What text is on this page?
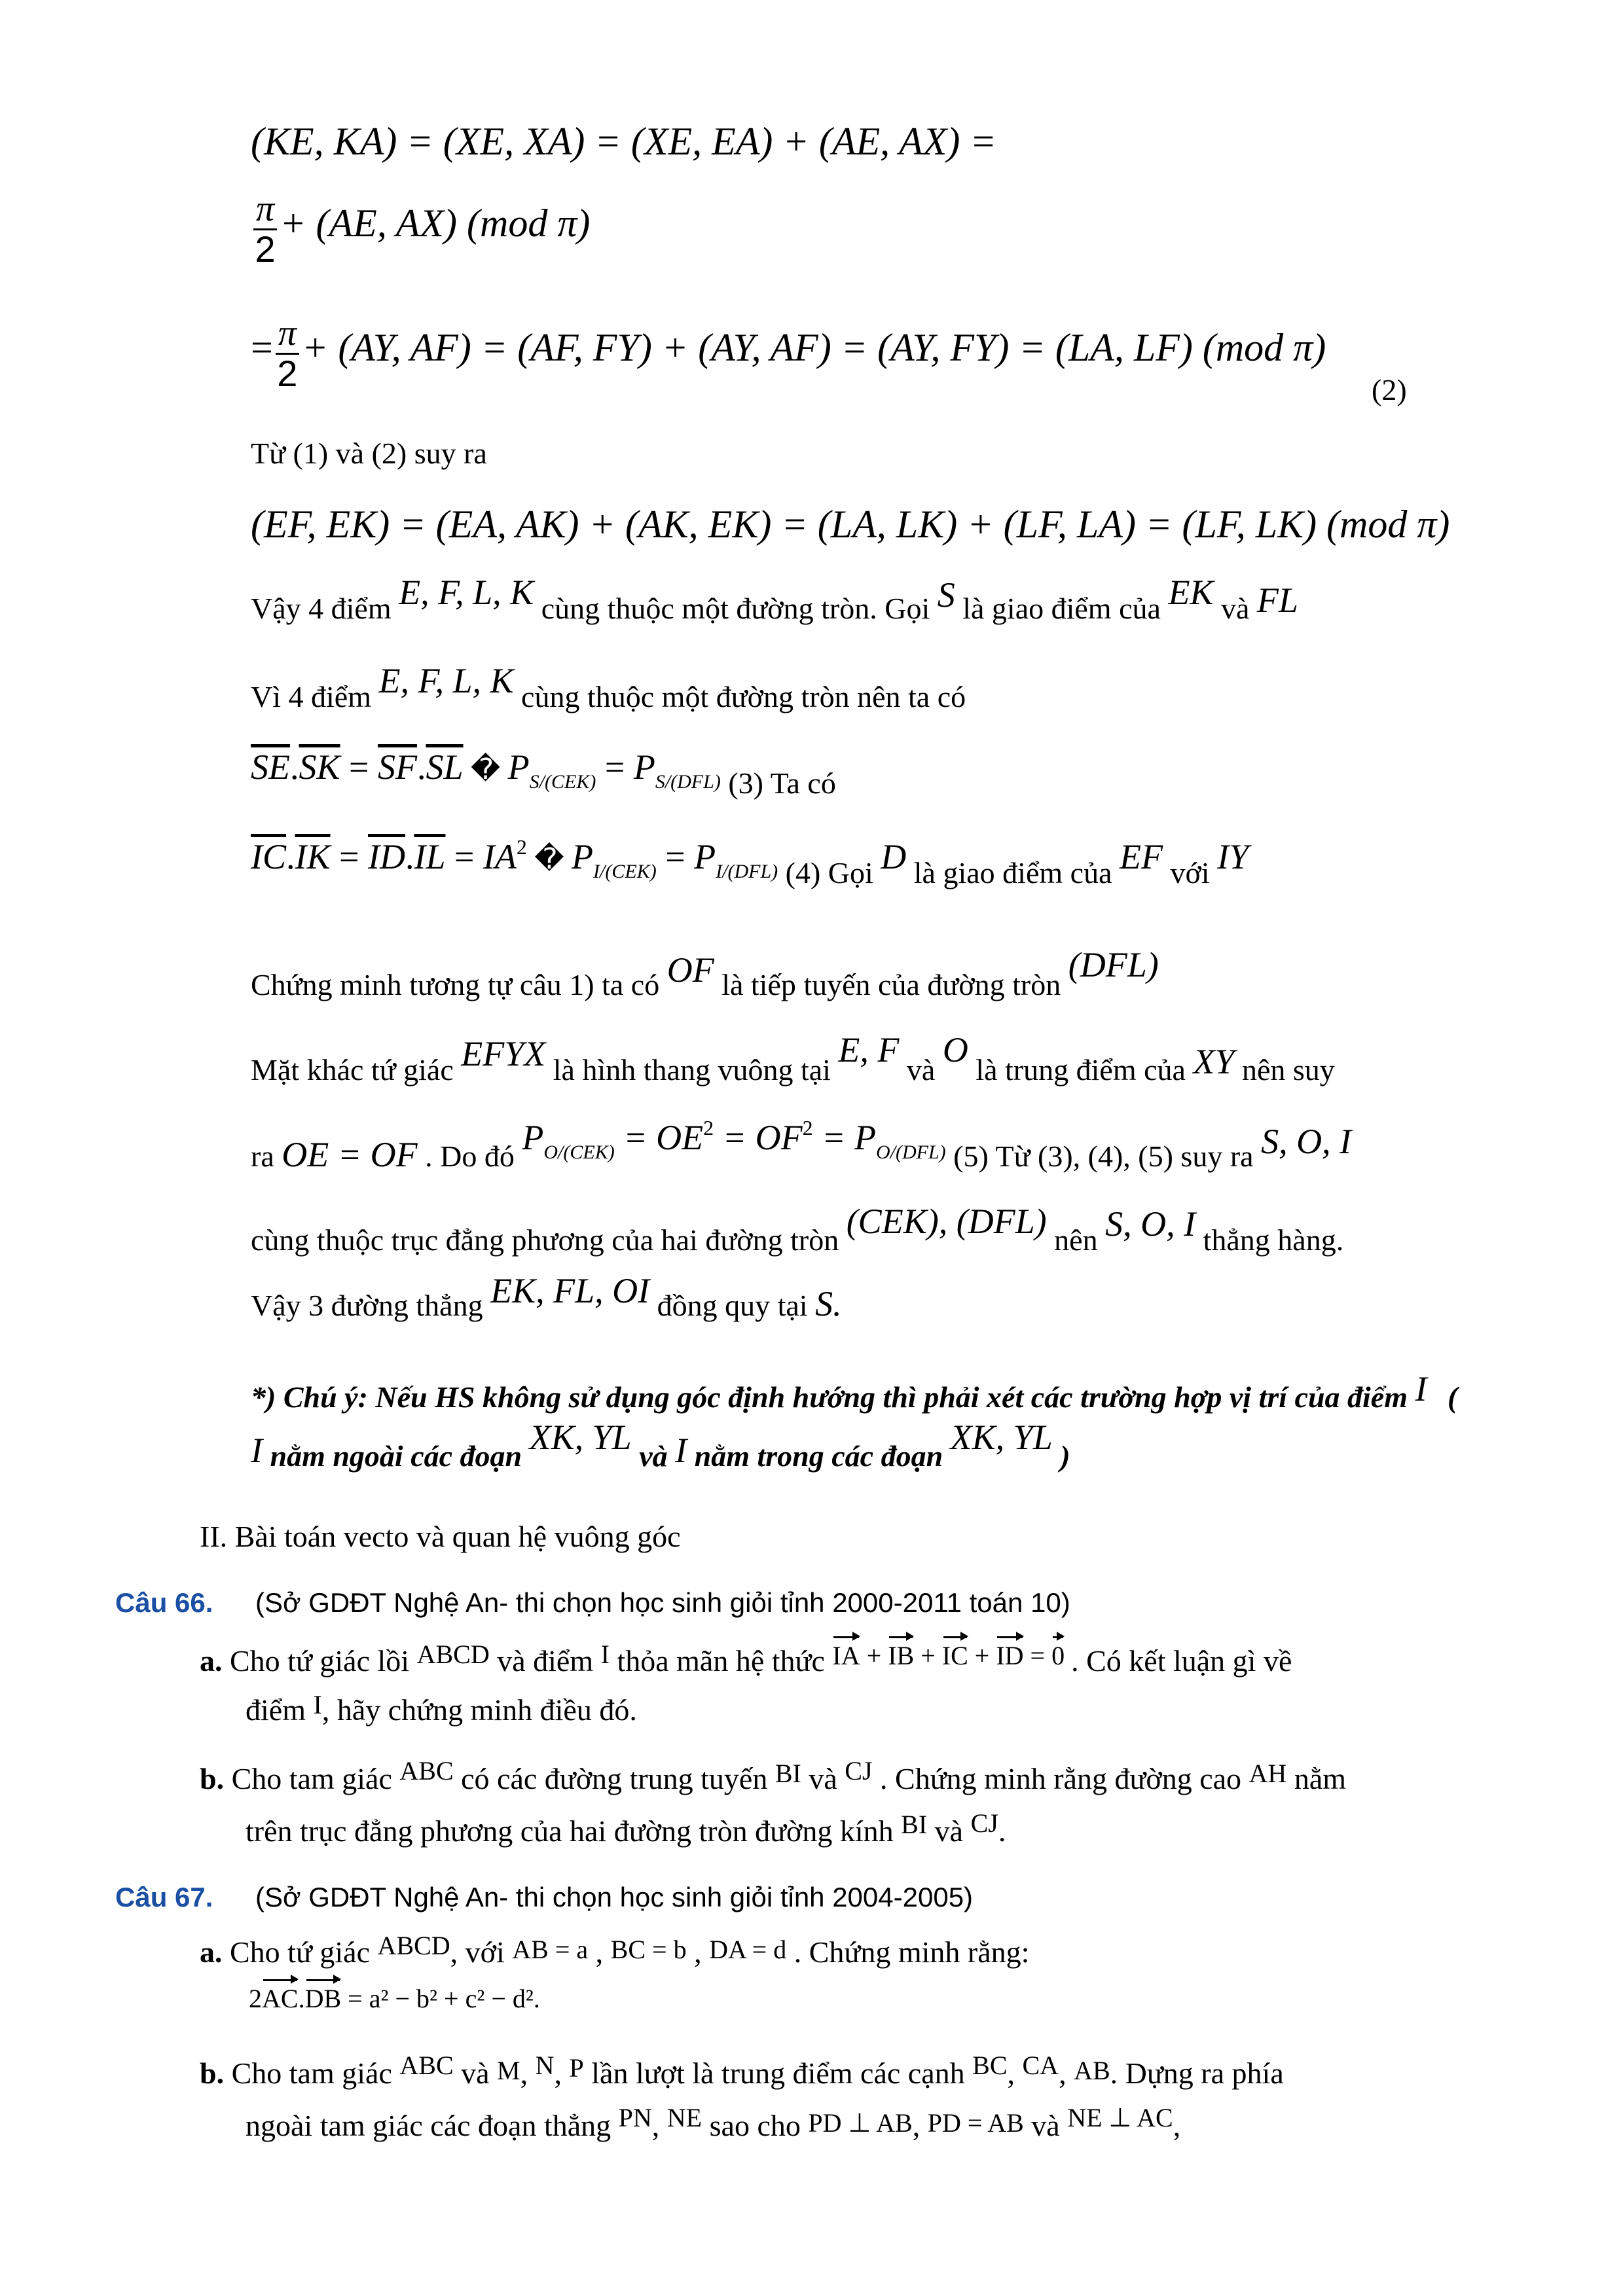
(KE, KA) = (XE, XA) = (XE, EA) + (AE, AX) =
$\frac{\pi}{2} + (AE$, AX) (mod π)
= $\frac{\pi}{2} + (AY$, AF) = (AF, FY) + (AY, AF) = (AY, FY) = (LA, LF) (mod π)
(2)
Từ (1) và (2) suy ra
(EF, EK) = (EA, AK) + (AK, EK) = (LA, LK) + (LF, LA) = (LF, LK) (mod π)
Vậy 4 điểm E, F, L, K cùng thuộc một đường tròn. Gọi S là giao điểm của EK và FL
Vì 4 điểm E, F, L, K cùng thuộc một đường tròn nên ta có
$\overline{SE}.\overline{SK} = \overline{SF}.\overline{SL}$ � $P_{S/(CEK)} = P_{S/(DFL)}$ (3) Ta có
$\overline{IC}.\overline{IK} = \overline{ID}.\overline{IL} = IA^2$ � $P_{I/(CEK)} = P_{I/(DFL)}$ (4) Gọi D là giao điểm của EF với IY
Chứng minh tương tự câu 1) ta có OF là tiếp tuyến của đường tròn (DFL)
Mặt khác tứ giác EFYX là hình thang vuông tại E, F và O là trung điểm của XY nên suy
ra OE = OF . Do đó $P_{O/(CEK)} = OE^2 = OF^2 = P_{O/(DFL)}$ (5) Từ (3), (4), (5) suy ra S, O, I
cùng thuộc trục đẳng phương của hai đường tròn (CEK), (DFL) nên S, O, I thẳng hàng.
Vậy 3 đường thẳng EK, FL, OI đồng quy tại S.
*) Chú ý: Nếu HS không sử dụng góc định hướng thì phải xét các trường hợp vị trí của điểm I (
I nằm ngoài các đoạn XK, YL và I nằm trong các đoạn XK, YL )
II. Bài toán vecto và quan hệ vuông góc
Câu 66. (Sở GDĐT Nghệ An- thi chọn học sinh giỏi tỉnh 2000-2011 toán 10)
a. Cho tứ giác lồi ABCD và điểm I thỏa mãn hệ thức IA + IB + IC + ID = 0 . Có kết luận gì về
điểm I, hãy chứng minh điều đó.
b. Cho tam giác ABC có các đường trung tuyến BI và CJ . Chứng minh rằng đường cao AH nằm
trên trục đẳng phương của hai đường tròn đường kính BI và CJ.
Câu 67. (Sở GDĐT Nghệ An- thi chọn học sinh giỏi tỉnh 2004-2005)
a. Cho tứ giác ABCD, với AB = a , BC = b , DA = d . Chứng minh rằng:
2AC.DB = a² − b² + c² − d².
b. Cho tam giác ABC và M, N, P lần lượt là trung điểm các cạnh BC, CA, AB. Dựng ra phía
ngoài tam giác các đoạn thẳng PN, NE sao cho PD ⊥ AB, PD = AB và NE ⊥ AC,
